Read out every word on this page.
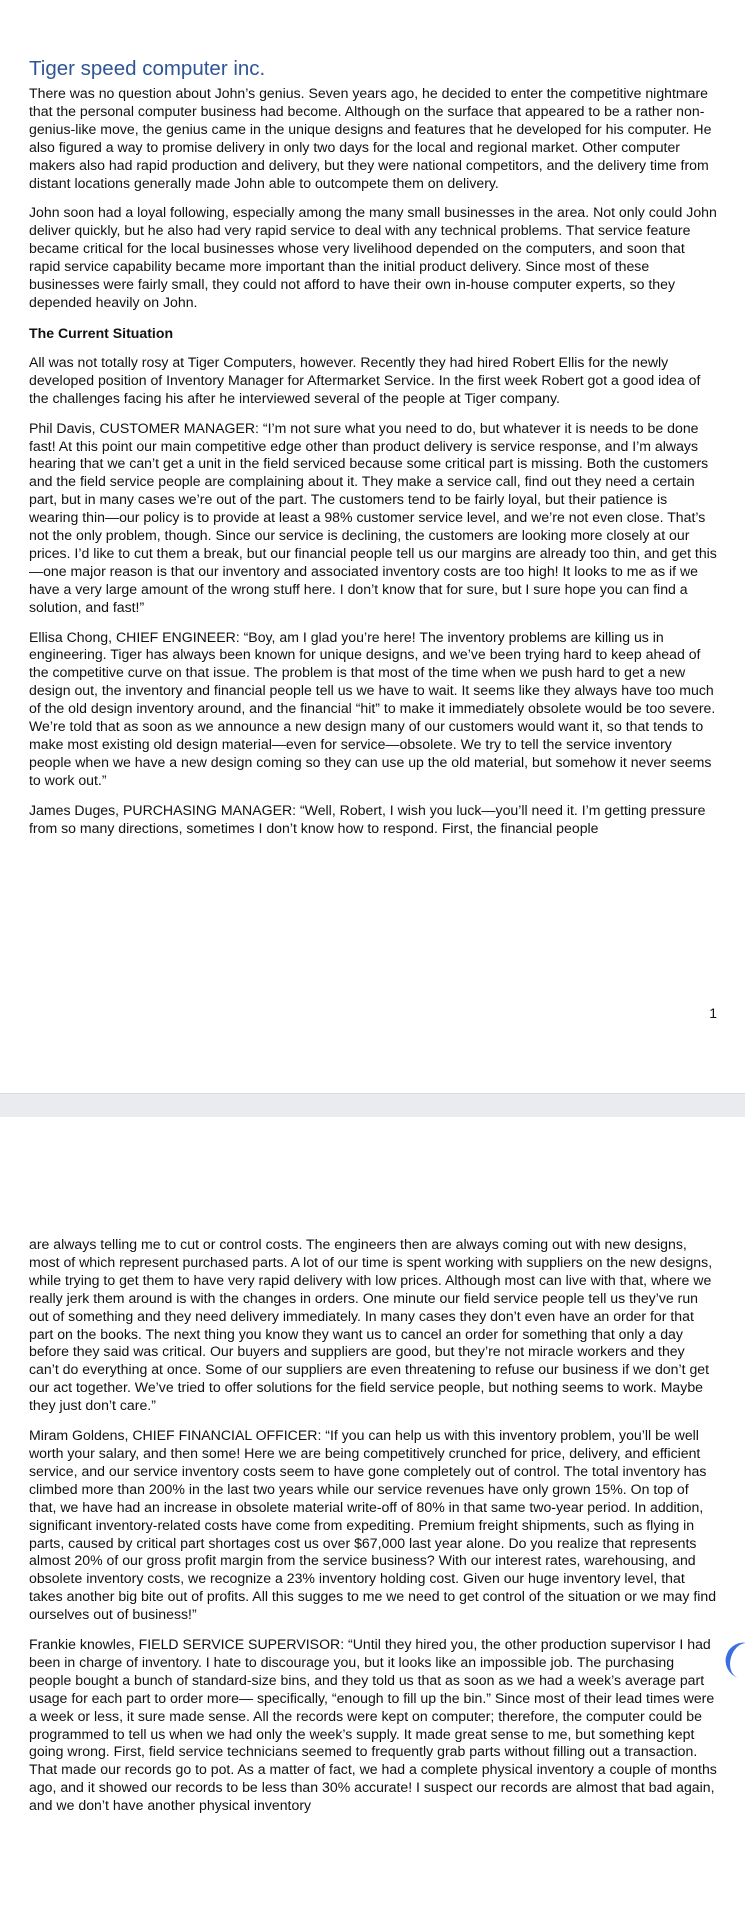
Tiger speed computer inc.

There was no question about John’s genius. Seven years ago, he decided to enter the competitive nightmare that the personal computer business had become. Although on the surface that appeared to be a rather non-genius-like move, the genius came in the unique designs and features that he developed for his computer. He also figured a way to promise delivery in only two days for the local and regional market. Other computer makers also had rapid production and delivery, but they were national competitors, and the delivery time from distant locations generally made John able to outcompete them on delivery.

John soon had a loyal following, especially among the many small businesses in the area. Not only could John deliver quickly, but he also had very rapid service to deal with any technical problems. That service feature became critical for the local businesses whose very livelihood depended on the computers, and soon that rapid service capability became more important than the initial product delivery. Since most of these businesses were fairly small, they could not afford to have their own in-house computer experts, so they depended heavily on John.

The Current Situation

All was not totally rosy at Tiger Computers, however. Recently they had hired Robert Ellis for the newly developed position of Inventory Manager for Aftermarket Service. In the first week Robert got a good idea of the challenges facing his after he interviewed several of the people at Tiger company.

Phil Davis, CUSTOMER MANAGER: “I’m not sure what you need to do, but whatever it is needs to be done fast! At this point our main competitive edge other than product delivery is service response, and I’m always hearing that we can’t get a unit in the field serviced because some critical part is missing. Both the customers and the field service people are complaining about it. They make a service call, find out they need a certain part, but in many cases we’re out of the part. The customers tend to be fairly loyal, but their patience is wearing thin—our policy is to provide at least a 98% customer service level, and we’re not even close. That’s not the only problem, though. Since our service is declining, the customers are looking more closely at our prices. I’d like to cut them a break, but our financial people tell us our margins are already too thin, and get this—one major reason is that our inventory and associated inventory costs are too high! It looks to me as if we have a very large amount of the wrong stuff here. I don’t know that for sure, but I sure hope you can find a solution, and fast!”

Ellisa Chong, CHIEF ENGINEER: “Boy, am I glad you’re here! The inventory problems are killing us in engineering. Tiger has always been known for unique designs, and we’ve been trying hard to keep ahead of the competitive curve on that issue. The problem is that most of the time when we push hard to get a new design out, the inventory and financial people tell us we have to wait. It seems like they always have too much of the old design inventory around, and the financial “hit” to make it immediately obsolete would be too severe. We’re told that as soon as we announce a new design many of our customers would want it, so that tends to make most existing old design material—even for service—obsolete. We try to tell the service inventory people when we have a new design coming so they can use up the old material, but somehow it never seems to work out.”

James Duges, PURCHASING MANAGER: “Well, Robert, I wish you luck—you’ll need it. I’m getting pressure from so many directions, sometimes I don’t know how to respond. First, the financial people

1

are always telling me to cut or control costs. The engineers then are always coming out with new designs, most of which represent purchased parts. A lot of our time is spent working with suppliers on the new designs, while trying to get them to have very rapid delivery with low prices. Although most can live with that, where we really jerk them around is with the changes in orders. One minute our field service people tell us they’ve run out of something and they need delivery immediately. In many cases they don’t even have an order for that part on the books. The next thing you know they want us to cancel an order for something that only a day before they said was critical. Our buyers and suppliers are good, but they’re not miracle workers and they can’t do everything at once. Some of our suppliers are even threatening to refuse our business if we don’t get our act together. We’ve tried to offer solutions for the field service people, but nothing seems to work. Maybe they just don’t care.”

Miram Goldens, CHIEF FINANCIAL OFFICER: “If you can help us with this inventory problem, you’ll be well worth your salary, and then some! Here we are being competitively crunched for price, delivery, and efficient service, and our service inventory costs seem to have gone completely out of control. The total inventory has climbed more than 200% in the last two years while our service revenues have only grown 15%. On top of that, we have had an increase in obsolete material write-off of 80% in that same two-year period. In addition, significant inventory-related costs have come from expediting. Premium freight shipments, such as flying in parts, caused by critical part shortages cost us over $67,000 last year alone. Do you realize that represents almost 20% of our gross profit margin from the service business? With our interest rates, warehousing, and obsolete inventory costs, we recognize a 23% inventory holding cost. Given our huge inventory level, that takes another big bite out of profits. All this sugges to me we need to get control of the situation or we may find ourselves out of business!”

Frankie knowles, FIELD SERVICE SUPERVISOR: “Until they hired you, the other production supervisor I had been in charge of inventory. I hate to discourage you, but it looks like an impossible job. The purchasing people bought a bunch of standard-size bins, and they told us that as soon as we had a week’s average part usage for each part to order more— specifically, “enough to fill up the bin.” Since most of their lead times were a week or less, it sure made sense. All the records were kept on computer; therefore, the computer could be programmed to tell us when we had only the week’s supply. It made great sense to me, but something kept going wrong. First, field service technicians seemed to frequently grab parts without filling out a transaction. That made our records go to pot. As a matter of fact, we had a complete physical inventory a couple of months ago, and it showed our records to be less than 30% accurate! I suspect our records are almost that bad again, and we don’t have another physical inventory
